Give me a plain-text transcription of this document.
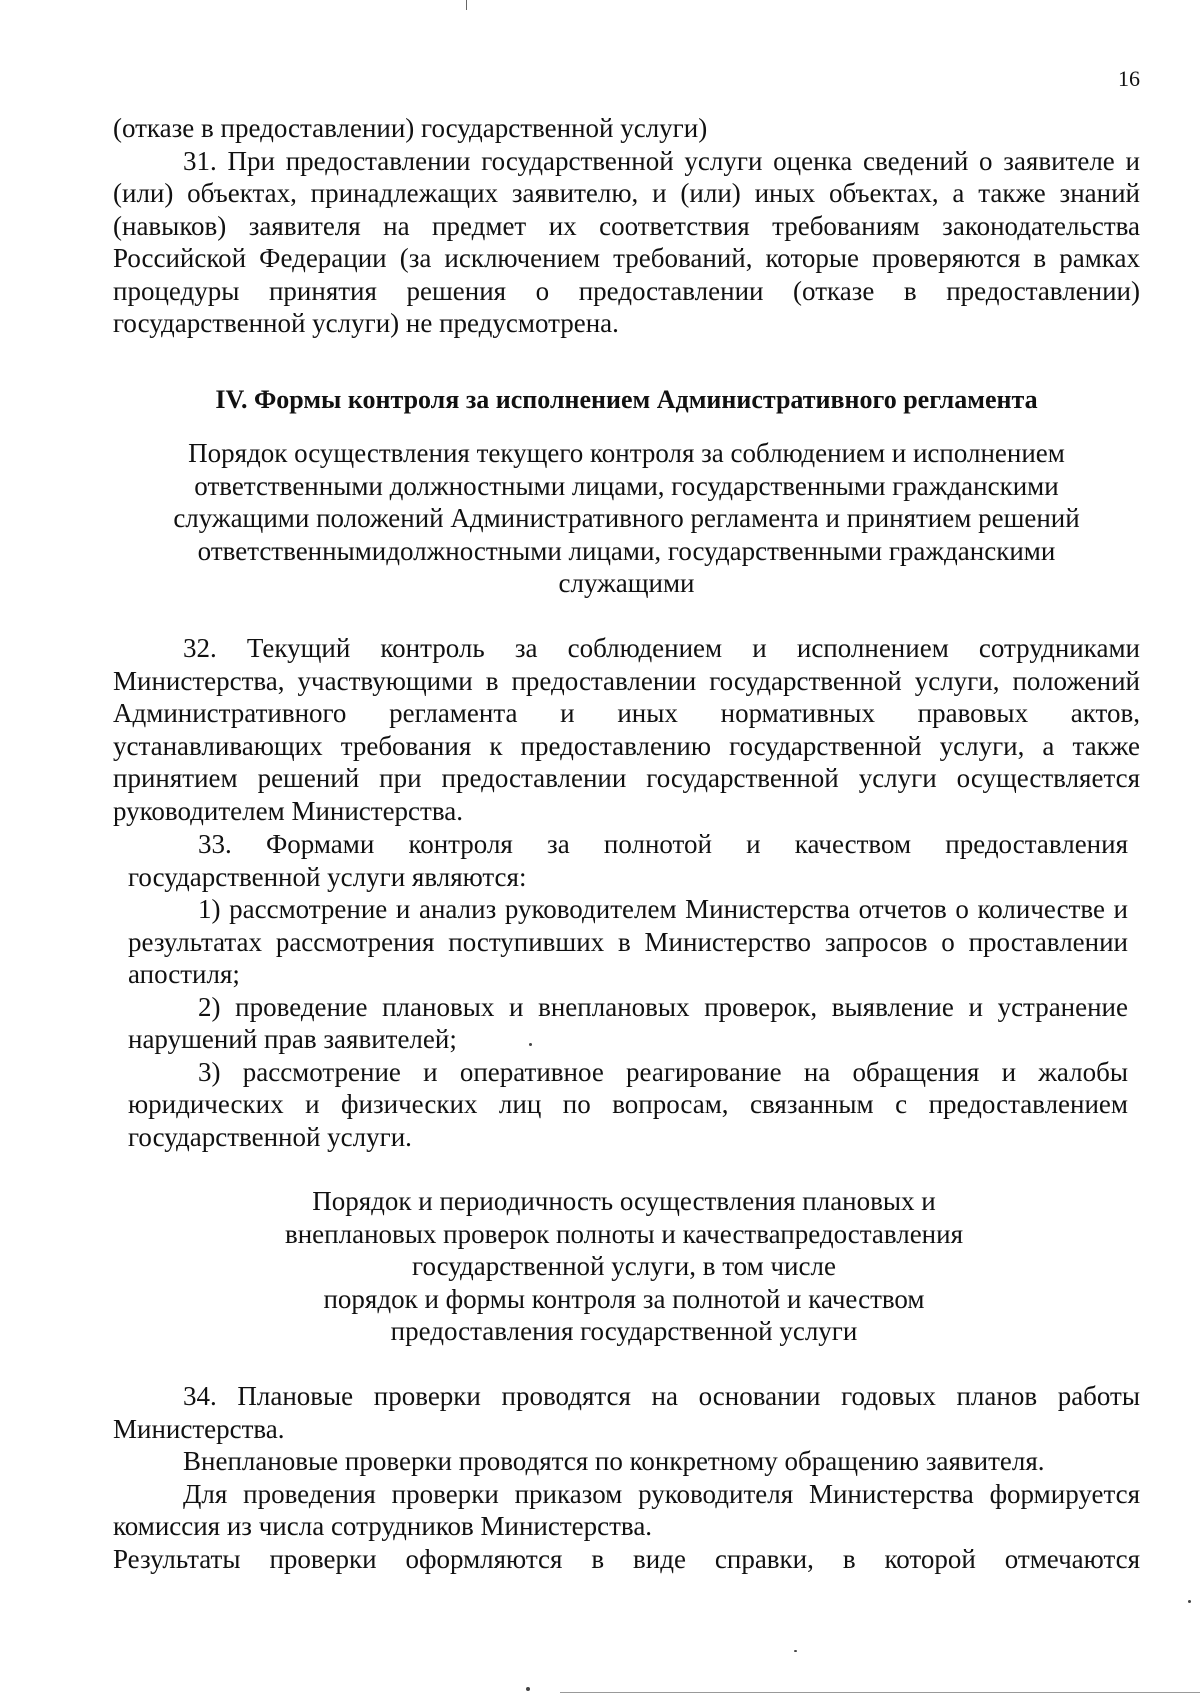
16

(отказе в предоставлении) государственной услуги)

31. При предоставлении государственной услуги оценка сведений о заявителе и (или) объектах, принадлежащих заявителю, и (или) иных объектах, а также знаний (навыков) заявителя на предмет их соответствия требованиям законодательства Российской Федерации (за исключением требований, которые проверяются в рамках процедуры принятия решения о предоставлении (отказе в предоставлении) государственной услуги) не предусмотрена.

IV. Формы контроля за исполнением Административного регламента

Порядок осуществления текущего контроля за соблюдением и исполнением

ответственными должностными лицами, государственными гражданскими

служащими положений Административного регламента и принятием решений

ответственнымидолжностными лицами, государственными гражданскими

служащими

32. Текущий контроль за соблюдением и исполнением сотрудниками Министерства, участвующими в предоставлении государственной услуги, положений Административного регламента и иных нормативных правовых актов, устанавливающих требования к предоставлению государственной услуги, а также принятием решений при предоставлении государственной услуги осуществляется руководителем Министерства.

33. Формами контроля за полнотой и качеством предоставления государственной услуги являются:

1) рассмотрение и анализ руководителем Министерства отчетов о количестве и результатах рассмотрения поступивших в Министерство запросов о проставлении апостиля;

2) проведение плановых и внеплановых проверок, выявление и устранение нарушений прав заявителей;

3) рассмотрение и оперативное реагирование на обращения и жалобы юридических и физических лиц по вопросам, связанным с предоставлением государственной услуги.

Порядок и периодичность осуществления плановых и

внеплановых проверок полноты и качествапредоставления

государственной услуги, в том числе

порядок и формы контроля за полнотой и качеством

предоставления государственной услуги

34. Плановые проверки проводятся на основании годовых планов работы Министерства.

Внеплановые проверки проводятся по конкретному обращению заявителя.

Для проведения проверки приказом руководителя Министерства формируется комиссия из числа сотрудников Министерства.

Результаты проверки оформляются в виде справки, в которой отмечаются
